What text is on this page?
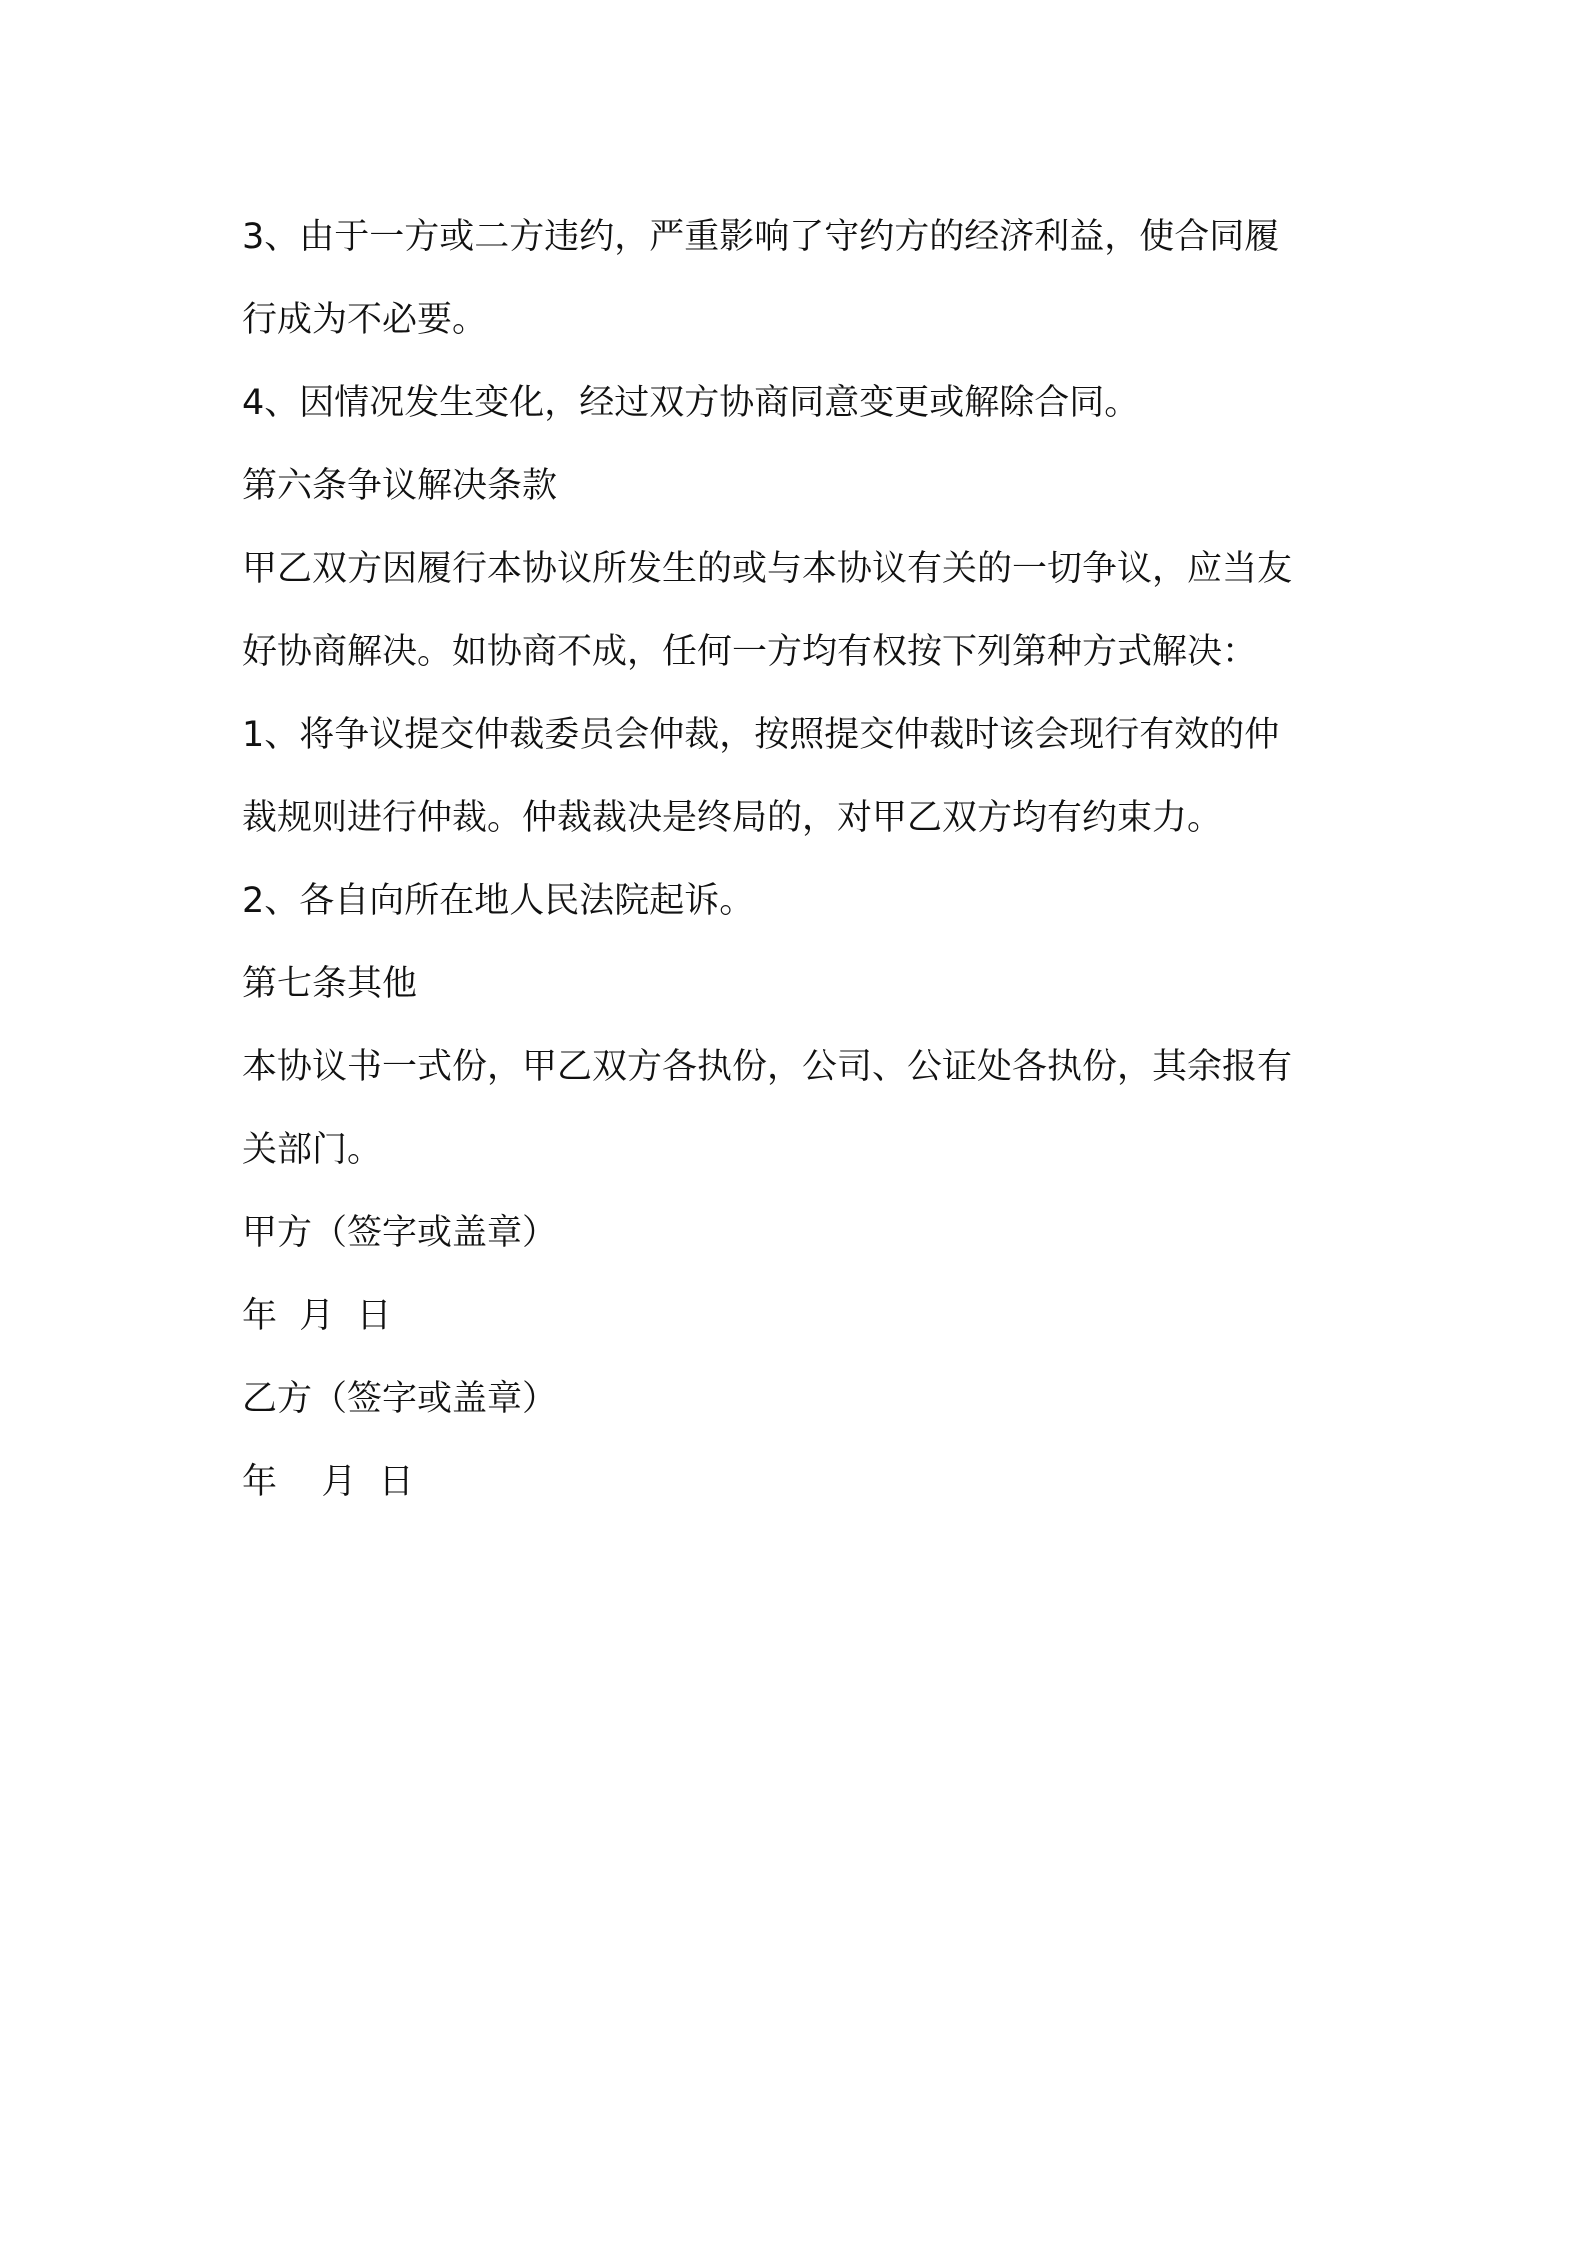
3、由于一方或二方违约，严重影响了守约方的经济利益，使合同履
行成为不必要。
4、因情况发生变化，经过双方协商同意变更或解除合同。
第六条争议解决条款
甲乙双方因履行本协议所发生的或与本协议有关的一切争议，应当友
好协商解决。如协商不成，任何一方均有权按下列第种方式解决：
1、将争议提交仲裁委员会仲裁，按照提交仲裁时该会现行有效的仲
裁规则进行仲裁。仲裁裁决是终局的，对甲乙双方均有约束力。
2、各自向所在地人民法院起诉。
第七条其他
本协议书一式份，甲乙双方各执份，公司、公证处各执份，其余报有
关部门。
甲方（签字或盖章）
年  月  日
乙方（签字或盖章）
年    月  日
